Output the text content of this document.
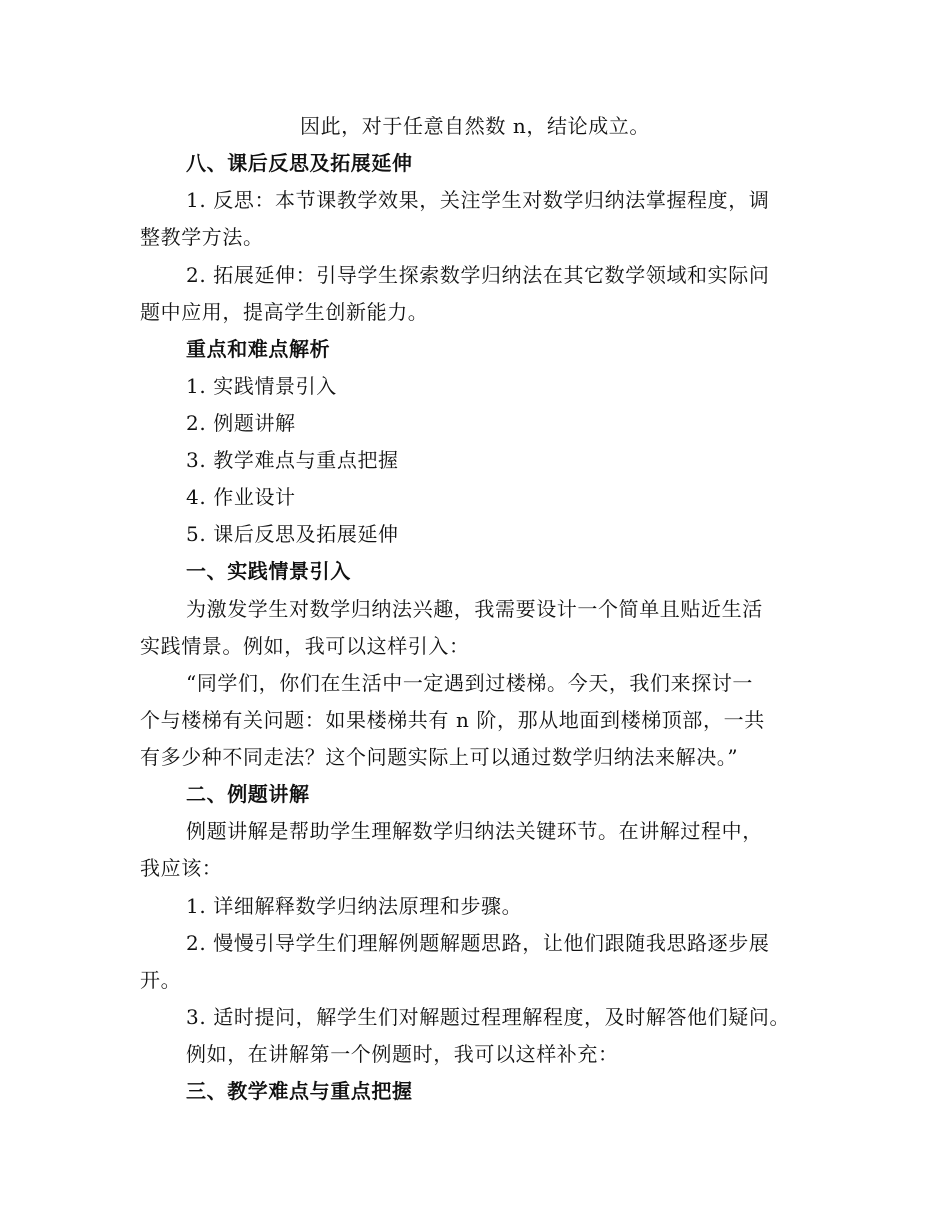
因此，对于任意自然数 n，结论成立。
八、课后反思及拓展延伸
1. 反思：本节课教学效果，关注学生对数学归纳法掌握程度，调
整教学方法。
2. 拓展延伸：引导学生探索数学归纳法在其它数学领域和实际问
题中应用，提高学生创新能力。
重点和难点解析
1. 实践情景引入
2. 例题讲解
3. 教学难点与重点把握
4. 作业设计
5. 课后反思及拓展延伸
一、实践情景引入
为激发学生对数学归纳法兴趣，我需要设计一个简单且贴近生活
实践情景。例如，我可以这样引入：
“同学们，你们在生活中一定遇到过楼梯。今天，我们来探讨一
个与楼梯有关问题：如果楼梯共有 n 阶，那从地面到楼梯顶部，一共
有多少种不同走法？这个问题实际上可以通过数学归纳法来解决。”
二、例题讲解
例题讲解是帮助学生理解数学归纳法关键环节。在讲解过程中，
我应该：
1. 详细解释数学归纳法原理和步骤。
2. 慢慢引导学生们理解例题解题思路，让他们跟随我思路逐步展
开。
3. 适时提问，解学生们对解题过程理解程度，及时解答他们疑问。
例如，在讲解第一个例题时，我可以这样补充：
三、教学难点与重点把握
